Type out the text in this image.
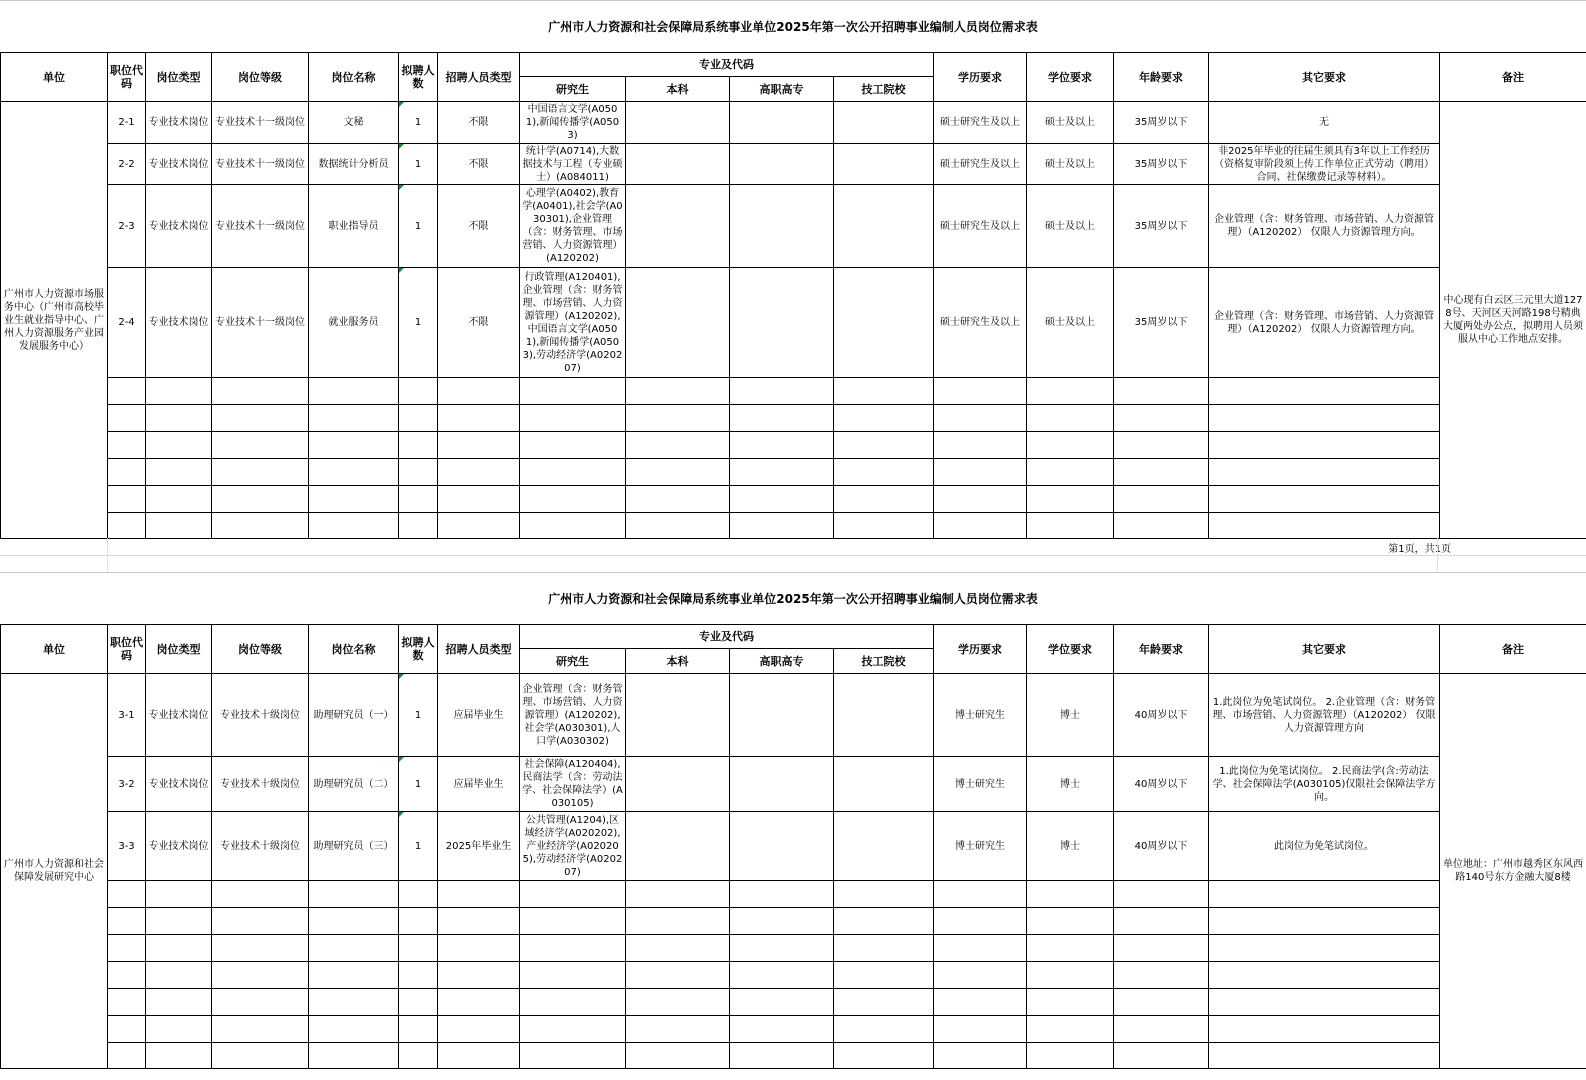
广州市人力资源和社会保障局系统事业单位2025年第一次公开招聘事业编制人员岗位需求表
单位	职位代码	岗位类型	岗位等级	岗位名称	拟聘人数	招聘人员类型	专业及代码				学历要求	学位要求	年龄要求	其它要求	备注
							研究生	本科	高职高专	技工院校					
广州市人力资源市场服务中心（广州市高校毕业生就业指导中心、广州人力资源服务产业园发展服务中心）	2-1	专业技术岗位	专业技术十一级岗位	文秘	1	不限	中国语言文学(A0501),新闻传播学(A0503)				硕士研究生及以上	硕士及以上	35周岁以下	无	中心现有白云区三元里大道1278号、天河区天河路198号精典大厦两处办公点，拟聘用人员须服从中心工作地点安排。
	2-2	专业技术岗位	专业技术十一级岗位	数据统计分析员	1	不限	统计学(A0714),大数据技术与工程（专业硕士）(A084011)				硕士研究生及以上	硕士及以上	35周岁以下	非2025年毕业的往届生须具有3年以上工作经历（资格复审阶段须上传工作单位正式劳动（聘用）合同、社保缴费记录等材料）。	
	2-3	专业技术岗位	专业技术十一级岗位	职业指导员	1	不限	心理学(A0402),教育学(A0401),社会学(A030301),企业管理（含：财务管理、市场营销、人力资源管理）(A120202)				硕士研究生及以上	硕士及以上	35周岁以下	企业管理（含：财务管理、市场营销、人力资源管理）（A120202） 仅限人力资源管理方向。	
	2-4	专业技术岗位	专业技术十一级岗位	就业服务员	1	不限	行政管理(A120401),企业管理（含：财务管理、市场营销、人力资源管理）(A120202),中国语言文学(A0501),新闻传播学(A0503),劳动经济学(A020207)				硕士研究生及以上	硕士及以上	35周岁以下	企业管理（含：财务管理、市场营销、人力资源管理）（A120202） 仅限人力资源管理方向。	

第1页，共1页
广州市人力资源和社会保障局系统事业单位2025年第一次公开招聘事业编制人员岗位需求表
单位	职位代码	岗位类型	岗位等级	岗位名称	拟聘人数	招聘人员类型	专业及代码				学历要求	学位要求	年龄要求	其它要求	备注
							研究生	本科	高职高专	技工院校					
广州市人力资源和社会保障发展研究中心	3-1	专业技术岗位	专业技术十级岗位	助理研究员（一）	1	应届毕业生	企业管理（含：财务管理、市场营销、人力资源管理）(A120202),社会学(A030301),人口学(A030302)				博士研究生	博士	40周岁以下	1.此岗位为免笔试岗位。 2.企业管理（含：财务管理、市场营销、人力资源管理）（A120202） 仅限人力资源管理方向	单位地址：广州市越秀区东风西路140号东方金融大厦8楼
	3-2	专业技术岗位	专业技术十级岗位	助理研究员（二）	1	应届毕业生	社会保障(A120404),民商法学（含：劳动法学、社会保障法学）(A030105)				博士研究生	博士	40周岁以下	1.此岗位为免笔试岗位。 2.民商法学(含:劳动法学、社会保障法学(A030105)仅限社会保障法学方向。	
	3-3	专业技术岗位	专业技术十级岗位	助理研究员（三）	1	2025年毕业生	公共管理(A1204),区域经济学(A020202),产业经济学(A020205),劳动经济学(A020207)				博士研究生	博士	40周岁以下	此岗位为免笔试岗位。	
